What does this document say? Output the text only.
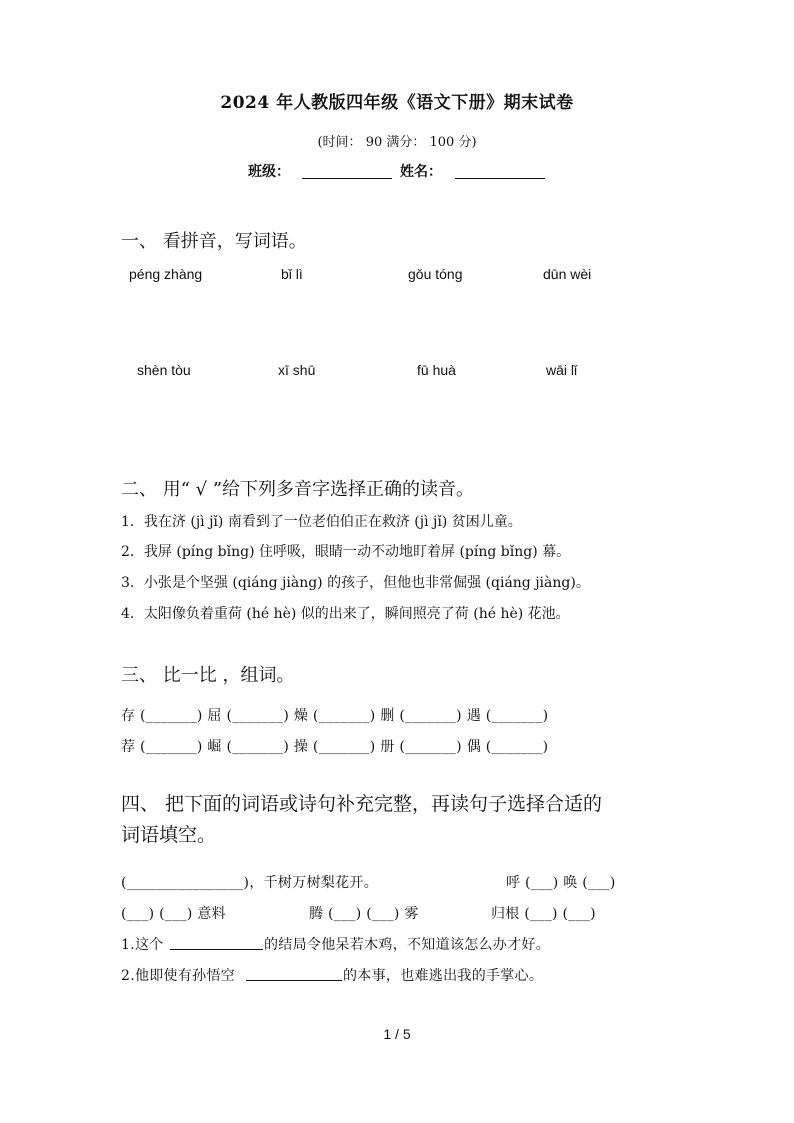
2024 年人教版四年级《语文下册》期末试卷
(时间： 90 满分： 100 分)
班级：	姓名：
一、 看拼音，写词语。
péng zhàng	bǐ lì	gǒu tóng	dūn wèi
shèn tòu	xī shū	fū huà	wāi lǐ
二、 用“ √ ”给下列多音字选择正确的读音。
1．我在济 (jì jǐ) 南看到了一位老伯伯正在救济 (jì jǐ) 贫困儿童。
2．我屏 (píng bǐng) 住呼吸，眼睛一动不动地盯着屏 (píng bǐng) 幕。
3．小张是个坚强 (qiáng jiàng) 的孩子，但他也非常倔强 (qiáng jiàng)。
4．太阳像负着重荷 (hé hè) 似的出来了，瞬间照亮了荷 (hé hè) 花池。
三、 比一比 ，组词。
存 (_______) 屈 (_______) 燥 (_______) 删 (_______) 遇 (_______)
荐 (_______) 崛 (_______) 操 (_______) 册 (_______) 偶 (_______)
四、 把下面的词语或诗句补充完整，再读句子选择合适的
词语填空。
(________________)，千树万树梨花开。	呼 (___) 唤 (___)
(___) (___) 意料	腾 (___) (___) 雾	归根 (___) (___)
1.这个	的结局令他呆若木鸡，不知道该怎么办才好。
2.他即使有孙悟空	的本事，也难逃出我的手掌心。
1 / 5
